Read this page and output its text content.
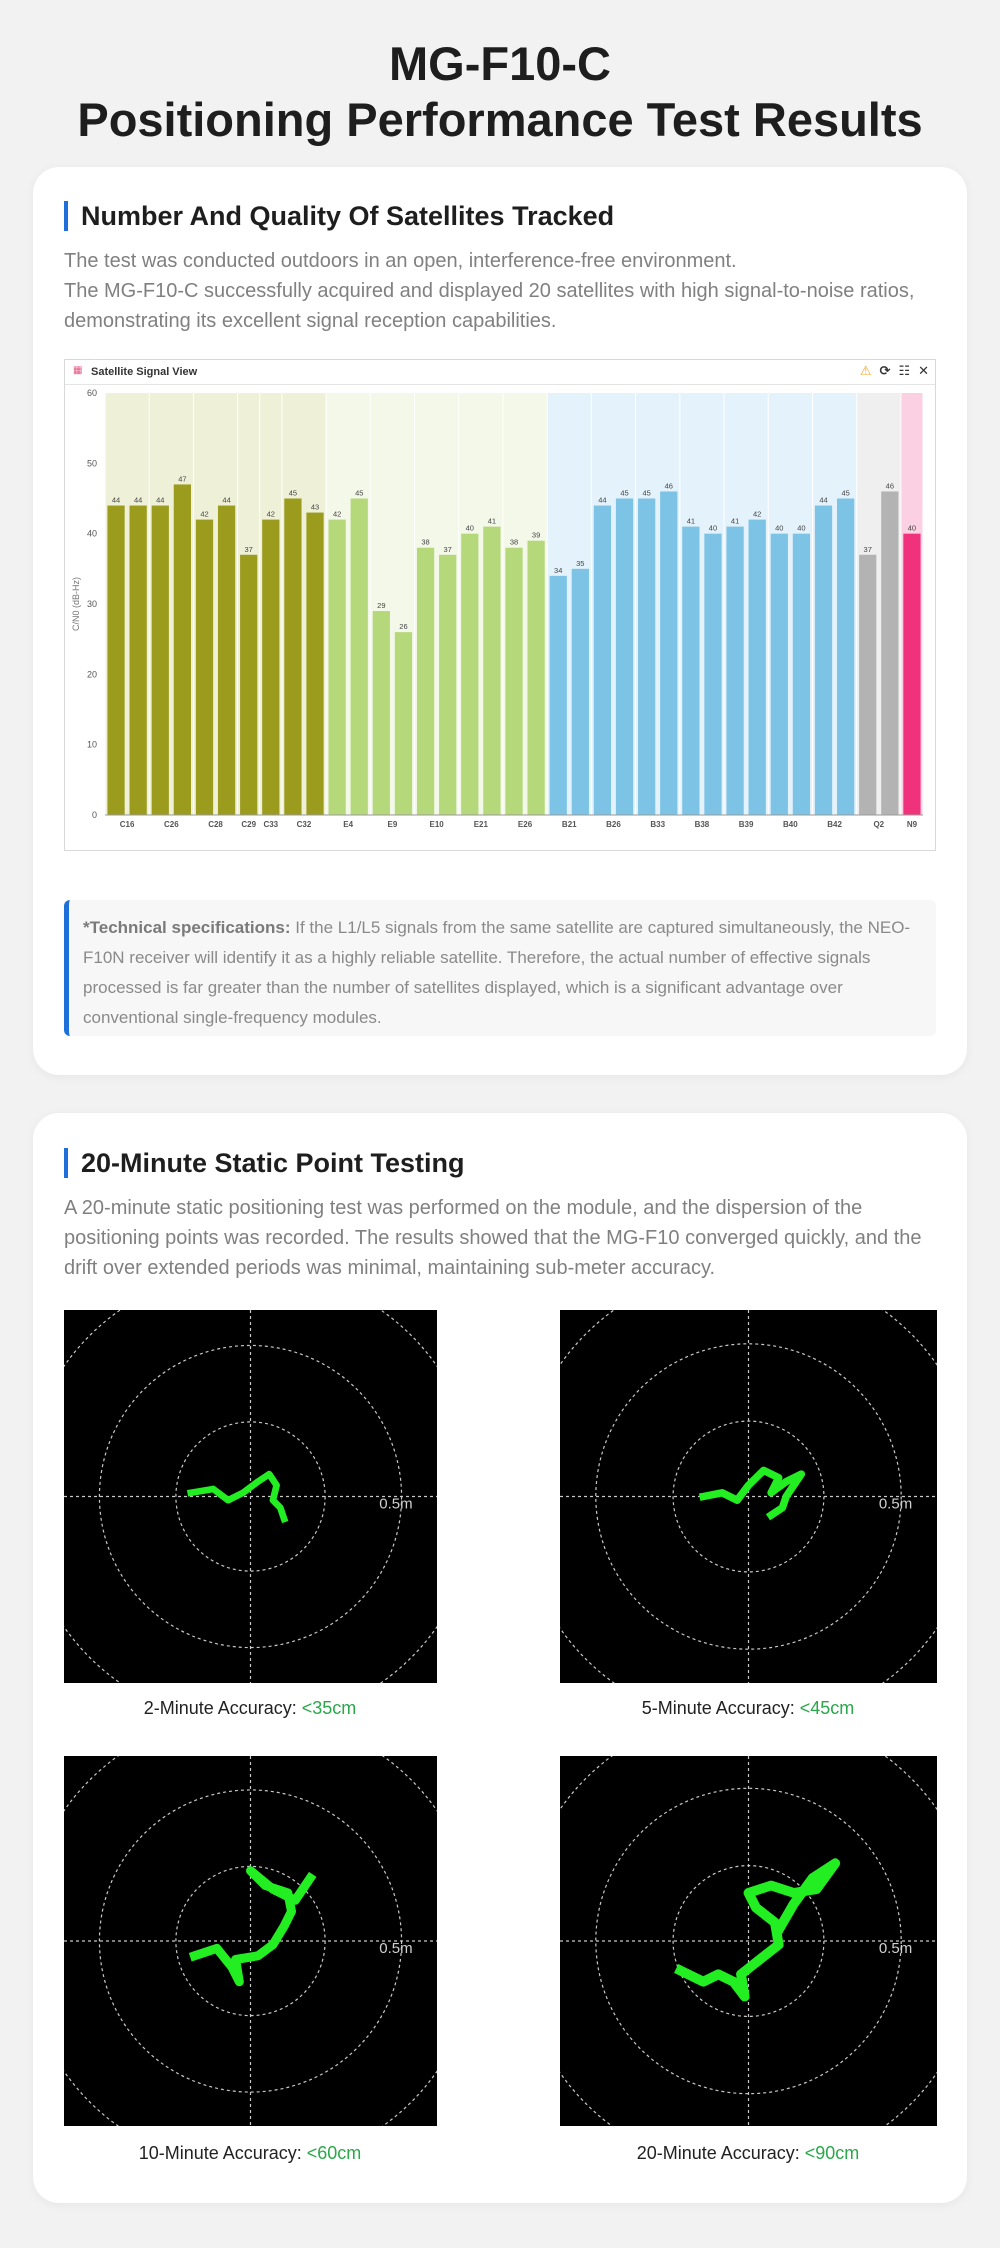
MG-F10-C
Positioning Performance Test Results
Number And Quality Of Satellites Tracked

The test was conducted outdoors in an open, interference-free environment.
The MG-F10-C successfully acquired and displayed 20 satellites with high signal-to-noise ratios, demonstrating its excellent signal reception capabilities.

▦ Satellite Signal View	⚠ ⟳ ☷ ✕
0
10
20
30
40
50
60
C/N0 (dB-Hz)
44 44
C16
44
47
C26
42
44
C28
37
C29
42
C33
45
43
C32
42
45
E4
29
26
E9
38
37
E10
40
41
E21
38
39
E26
34
35
B21
44
45
B26
45
46
B33
41
40
B38
41
42
B39
40 40
B40
44
45
B42
37
46
Q2
40
N9
*Technical specifications: If the L1/L5 signals from the same satellite are captured simultaneously, the NEO-F10N receiver will identify it as a highly reliable satellite. Therefore, the actual number of effective signals processed is far greater than the number of satellites displayed, which is a significant advantage over conventional single-frequency modules.
20-Minute Static Point Testing

A 20-minute static positioning test was performed on the module, and the dispersion of the positioning points was recorded. The results showed that the MG-F10 converged quickly, and the drift over extended periods was minimal, maintaining sub-meter accuracy.

0.5m
2-Minute Accuracy: <35cm
0.5m
5-Minute Accuracy: <45cm
0.5m
10-Minute Accuracy: <60cm
0.5m
20-Minute Accuracy: <90cm
